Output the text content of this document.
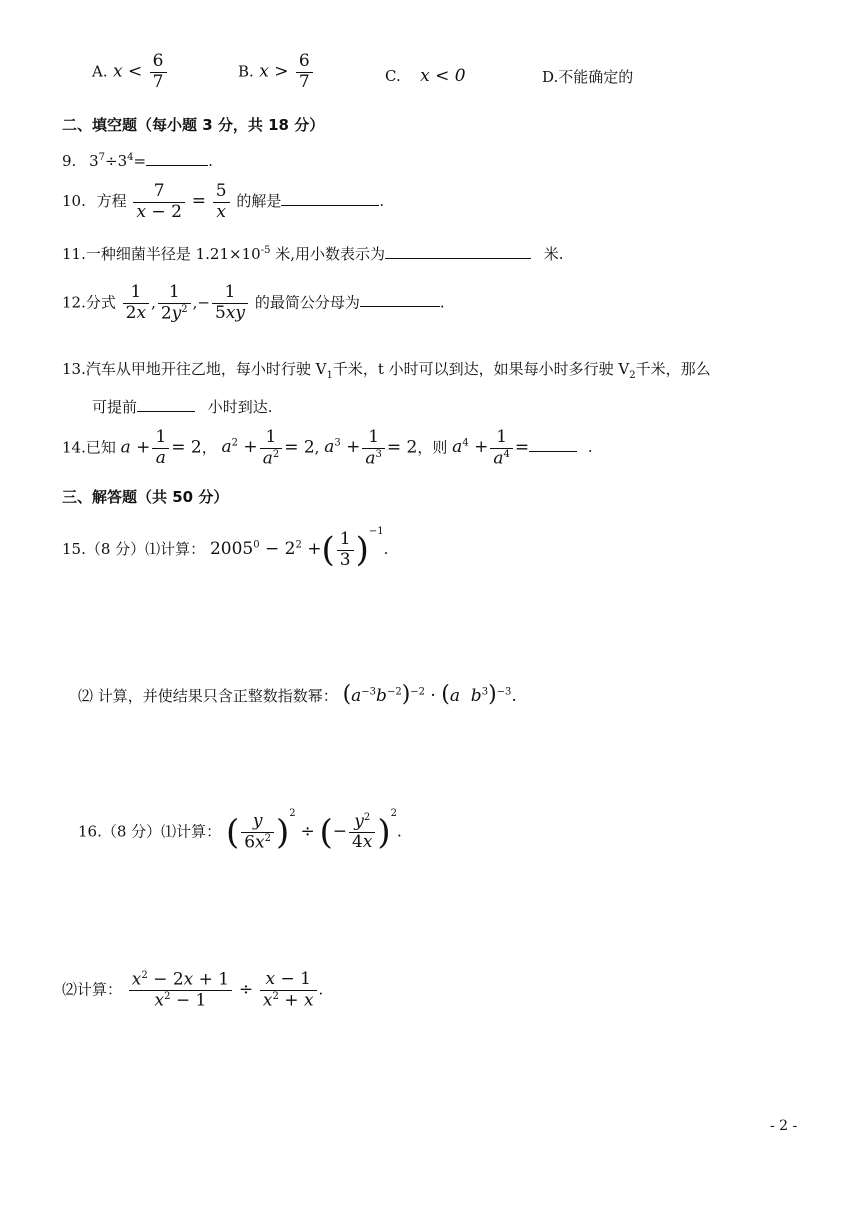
A. $x < \frac{6}{7}$	B. $x > \frac{6}{7}$	C. x < 0	D.不能确定的
二、填空题（每小题 3 分，共 18 分）
9. $3^7\div 3^4=$	.
10. 方程 $\frac{7}{x - 2} = \frac{5}{x}$ 的解是	.
11.一种细菌半径是 $1.21\times 10^{-5}$ 米,用小数表示为	米.
12.分式 $\frac{1}{2x}$ , $\frac{1}{2y^2}$ ,− $\frac{1}{5xy}$ 的最简公分母为	.
13.汽车从甲地开往乙地，每小时行驶 $V_1$千米，t 小时可以到达，如果每小时多行驶 $V_2$千米，那么
可提前	小时到达.
14.已知 $a + \frac{1}{a} = 2$， $a^2 + \frac{1}{a^2} = 2$, $a^3 + \frac{1}{a^3} = 2$，则 $a^4 + \frac{1}{a^4}$ =	.
三、解答题（共 50 分）
15.（8 分）⑴计算： $2005^0 - 2^2$ +( $\frac{1}{3} )^{-1}$.
⑵ 计算，并使结果只含正整数指数幂： $(a^{-3}b^{-2})^{-2} \cdot (a$ $b^3)^{-3}$.
16.（8 分）⑴计算： ( $\frac{y}{6x^2} )^2$ ÷ (− $\frac{y^2}{4x} )^2$.
⑵计算： $\frac{x^2 - 2x + 1}{x^2 - 1} \div \frac{x - 1}{x^2 + x}$ .
- 2 -
